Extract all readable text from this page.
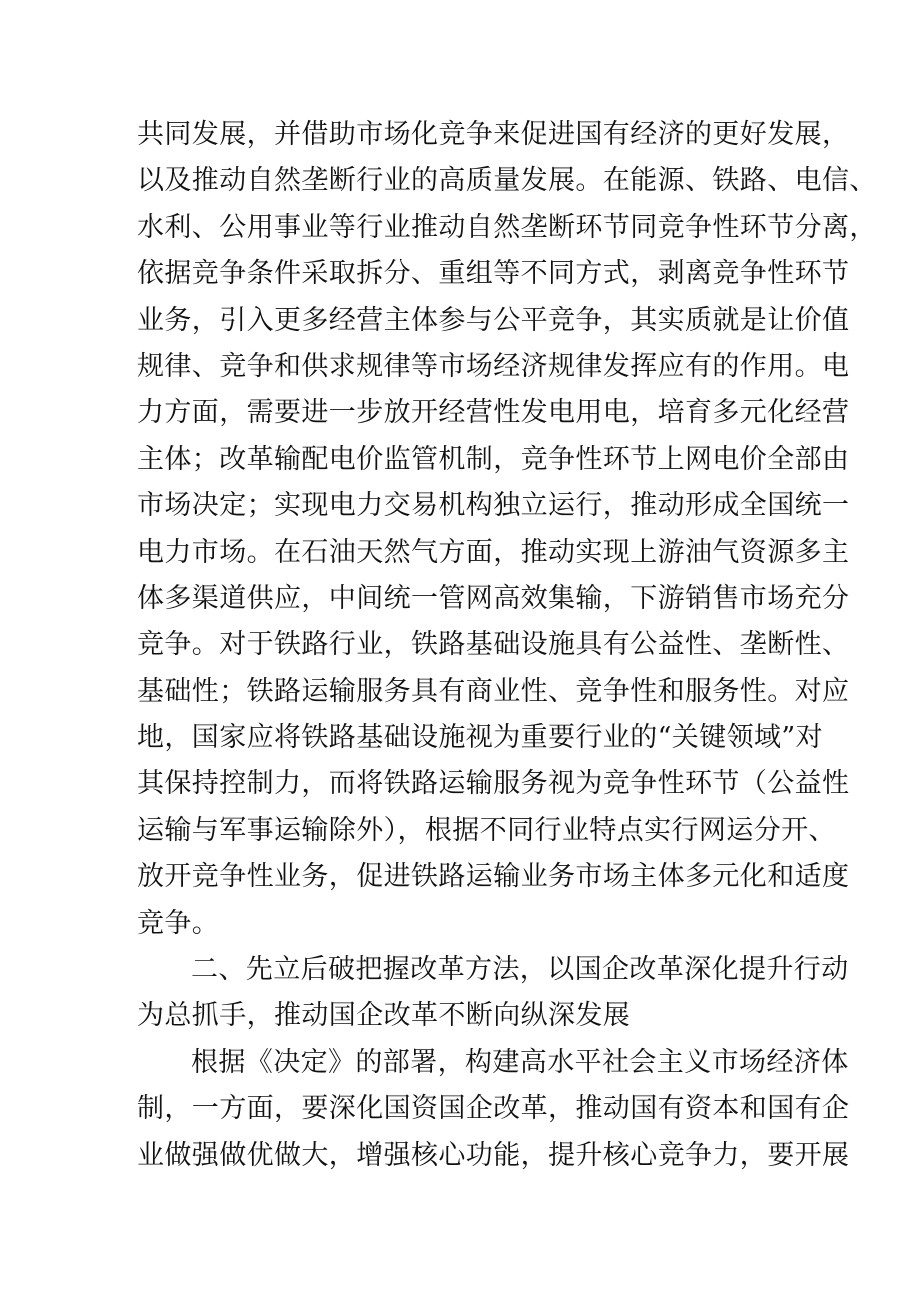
共同发展，并借助市场化竞争来促进国有经济的更好发展，
以及推动自然垄断行业的高质量发展。在能源、铁路、电信、
水利、公用事业等行业推动自然垄断环节同竞争性环节分离，
依据竞争条件采取拆分、重组等不同方式，剥离竞争性环节
业务，引入更多经营主体参与公平竞争，其实质就是让价值
规律、竞争和供求规律等市场经济规律发挥应有的作用。电
力方面，需要进一步放开经营性发电用电，培育多元化经营
主体；改革输配电价监管机制，竞争性环节上网电价全部由
市场决定；实现电力交易机构独立运行，推动形成全国统一
电力市场。在石油天然气方面，推动实现上游油气资源多主
体多渠道供应，中间统一管网高效集输，下游销售市场充分
竞争。对于铁路行业，铁路基础设施具有公益性、垄断性、
基础性；铁路运输服务具有商业性、竞争性和服务性。对应
地，国家应将铁路基础设施视为重要行业的“关键领域”对
其保持控制力，而将铁路运输服务视为竞争性环节（公益性
运输与军事运输除外），根据不同行业特点实行网运分开、
放开竞争性业务，促进铁路运输业务市场主体多元化和适度
竞争。
二、先立后破把握改革方法，以国企改革深化提升行动
为总抓手，推动国企改革不断向纵深发展
根据《决定》的部署，构建高水平社会主义市场经济体
制，一方面，要深化国资国企改革，推动国有资本和国有企
业做强做优做大，增强核心功能，提升核心竞争力，要开展
